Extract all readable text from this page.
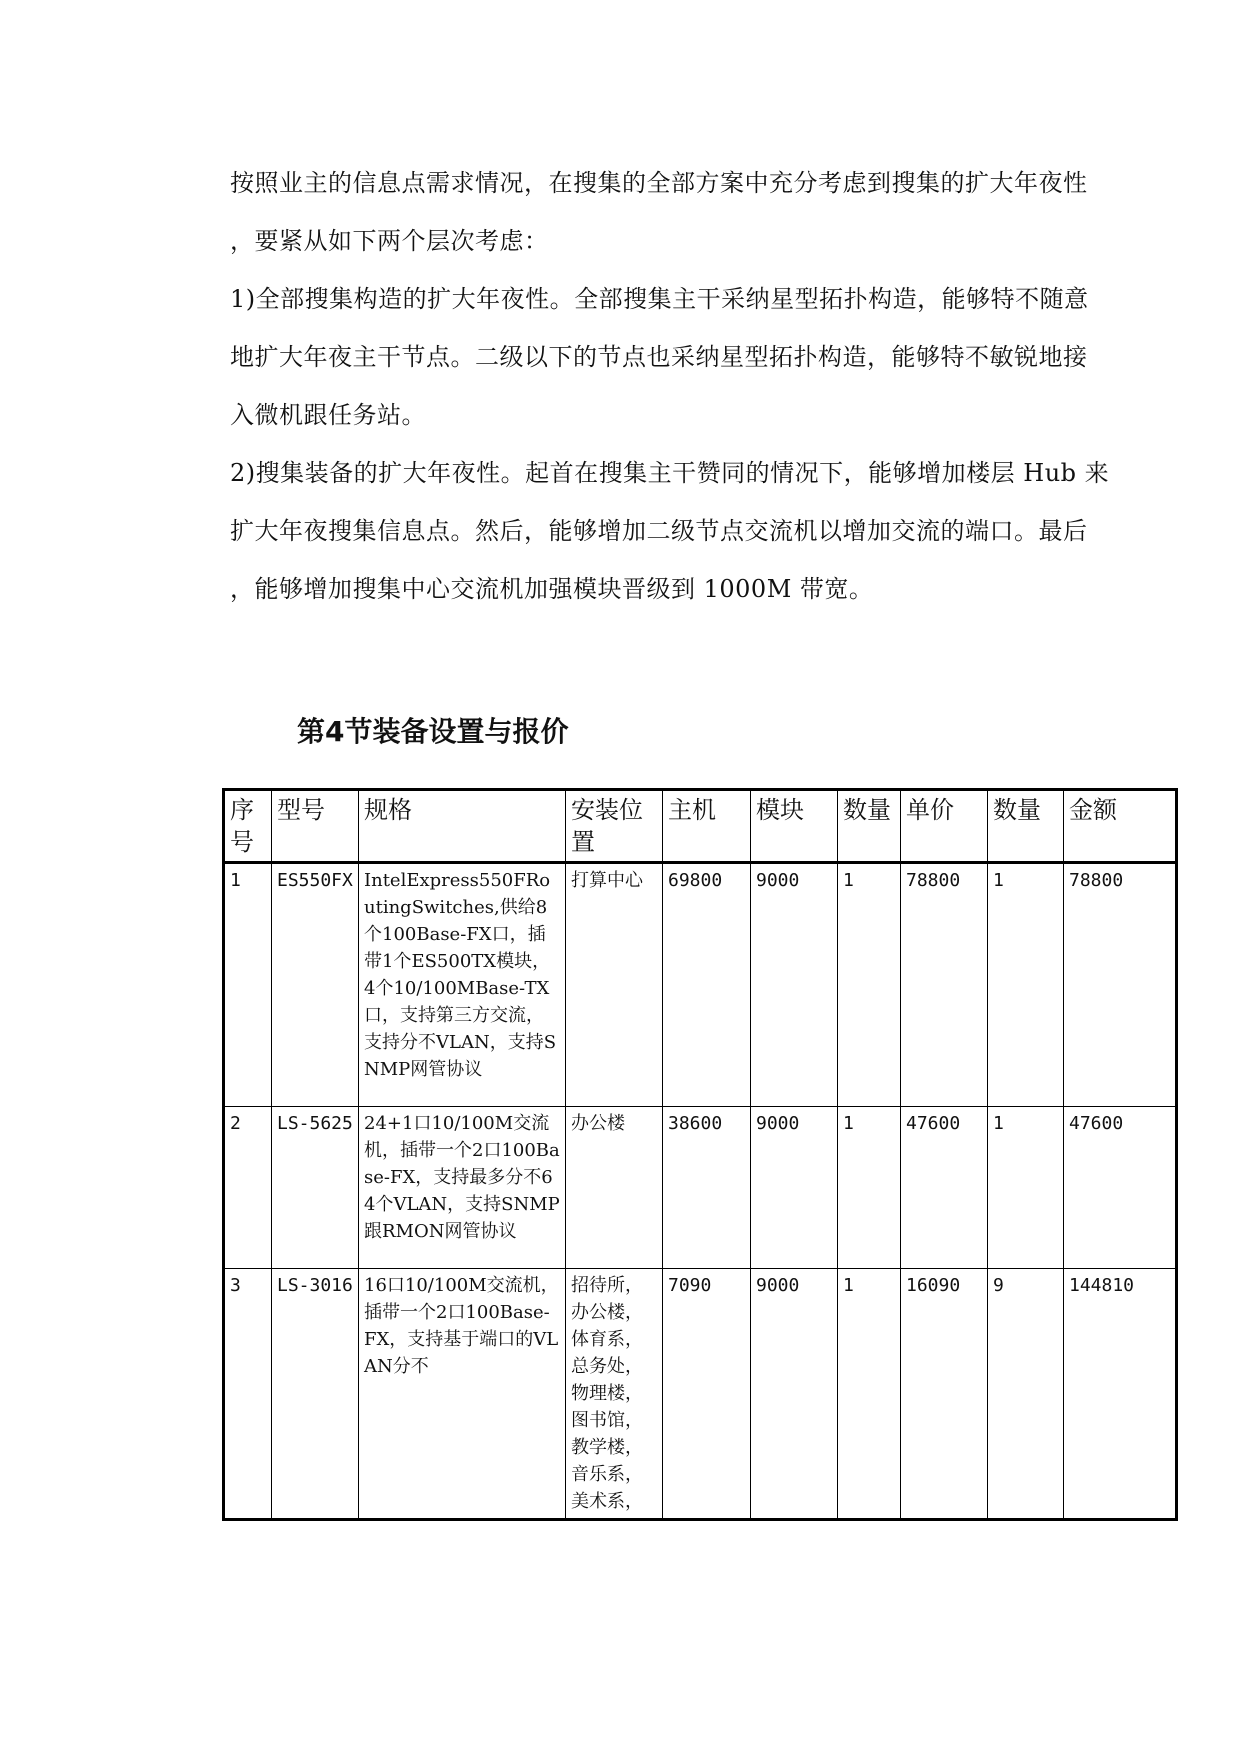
按照业主的信息点需求情况，在搜集的全部方案中充分考虑到搜集的扩大年夜性
，要紧从如下两个层次考虑：

1)全部搜集构造的扩大年夜性。全部搜集主干采纳星型拓扑构造，能够特不随意
地扩大年夜主干节点。二级以下的节点也采纳星型拓扑构造，能够特不敏锐地接
入微机跟任务站。

2)搜集装备的扩大年夜性。起首在搜集主干赞同的情况下，能够增加楼层 Hub 来
扩大年夜搜集信息点。然后，能够增加二级节点交流机以增加交流的端口。最后
，能够增加搜集中心交流机加强模块晋级到 1000M 带宽。

第4节装备设置与报价
序号	型号	规格	安装位置	主机	模块	数量	单价	数量	金额
1	ES550FX	IntelExpress550FRoutingSwitches,供给8个100Base-FX口，插带1个ES500TX模块，4个10/100MBase-TX口，支持第三方交流，支持分不VLAN，支持SNMP网管协议	打算中心	69800	9000	1	78800	1	78800
2	LS-5625	24+1口10/100M交流机，插带一个2口100Base-FX，支持最多分不64个VLAN，支持SNMP跟RMON网管协议	办公楼	38600	9000	1	47600	1	47600
3	LS-3016	16口10/100M交流机，插带一个2口100Base-FX，支持基于端口的VLAN分不	招待所，办公楼，体育系，总务处，物理楼，图书馆，教学楼，音乐系，美术系，	7090	9000	1	16090	9	144810
